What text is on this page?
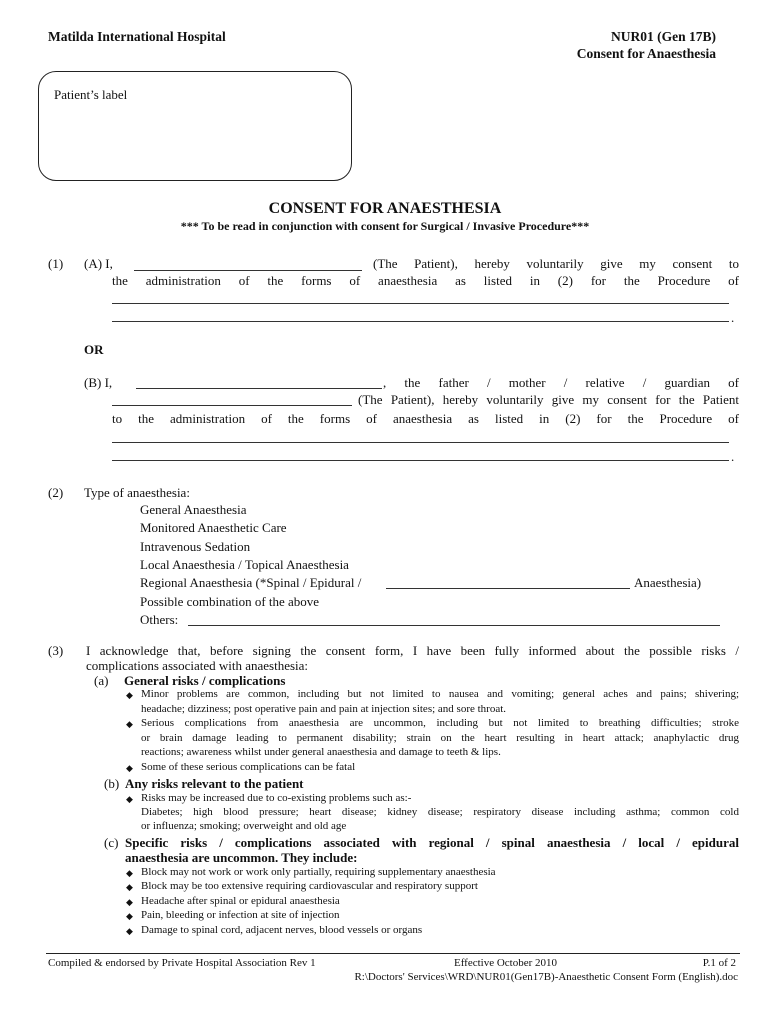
Matilda International Hospital	NUR01 (Gen 17B)
Consent for Anaesthesia
Patient’s label
CONSENT FOR ANAESTHESIA
*** To be read in conjunction with consent for Surgical / Invasive Procedure***
(1) (A) I,	(The Patient), hereby voluntarily give my consent to
the administration of the forms of anaesthesia as listed in (2) for the Procedure of
.
OR
(B) I,	, the father / mother / relative / guardian of
(The Patient), hereby voluntarily give my consent for the Patient
to the administration of the forms of anaesthesia as listed in (2) for the Procedure of
.
(2) Type of anaesthesia:
General Anaesthesia
Monitored Anaesthetic Care
Intravenous Sedation
Local Anaesthesia / Topical Anaesthesia
Regional Anaesthesia (*Spinal / Epidural /	Anaesthesia)
Possible combination of the above
Others:
(3) I acknowledge that, before signing the consent form, I have been fully informed about the possible risks /
complications associated with anaesthesia:
(a) General risks / complications
◆ Minor problems are common, including but not limited to nausea and vomiting; general aches and pains; shivering;
headache; dizziness; post operative pain and pain at injection sites; and sore throat.
◆ Serious complications from anaesthesia are uncommon, including but not limited to breathing difficulties; stroke
or brain damage leading to permanent disability; strain on the heart resulting in heart attack; anaphylactic drug
reactions; awareness whilst under general anaesthesia and damage to teeth & lips.
◆ Some of these serious complications can be fatal
(b) Any risks relevant to the patient
◆ Risks may be increased due to co-existing problems such as:-
Diabetes; high blood pressure; heart disease; kidney disease; respiratory disease including asthma; common cold
or influenza; smoking; overweight and old age
(c) Specific risks / complications associated with regional / spinal anaesthesia / local / epidural
anaesthesia are uncommon. They include:
◆ Block may not work or work only partially, requiring supplementary anaesthesia
◆ Block may be too extensive requiring cardiovascular and respiratory support
◆ Headache after spinal or epidural anaesthesia
◆ Pain, bleeding or infection at site of injection
◆ Damage to spinal cord, adjacent nerves, blood vessels or organs
Compiled & endorsed by Private Hospital Association Rev 1	Effective October 2010	P.1 of 2
R:\Doctors' Services\WRD\NUR01(Gen17B)-Anaesthetic Consent Form (English).doc
